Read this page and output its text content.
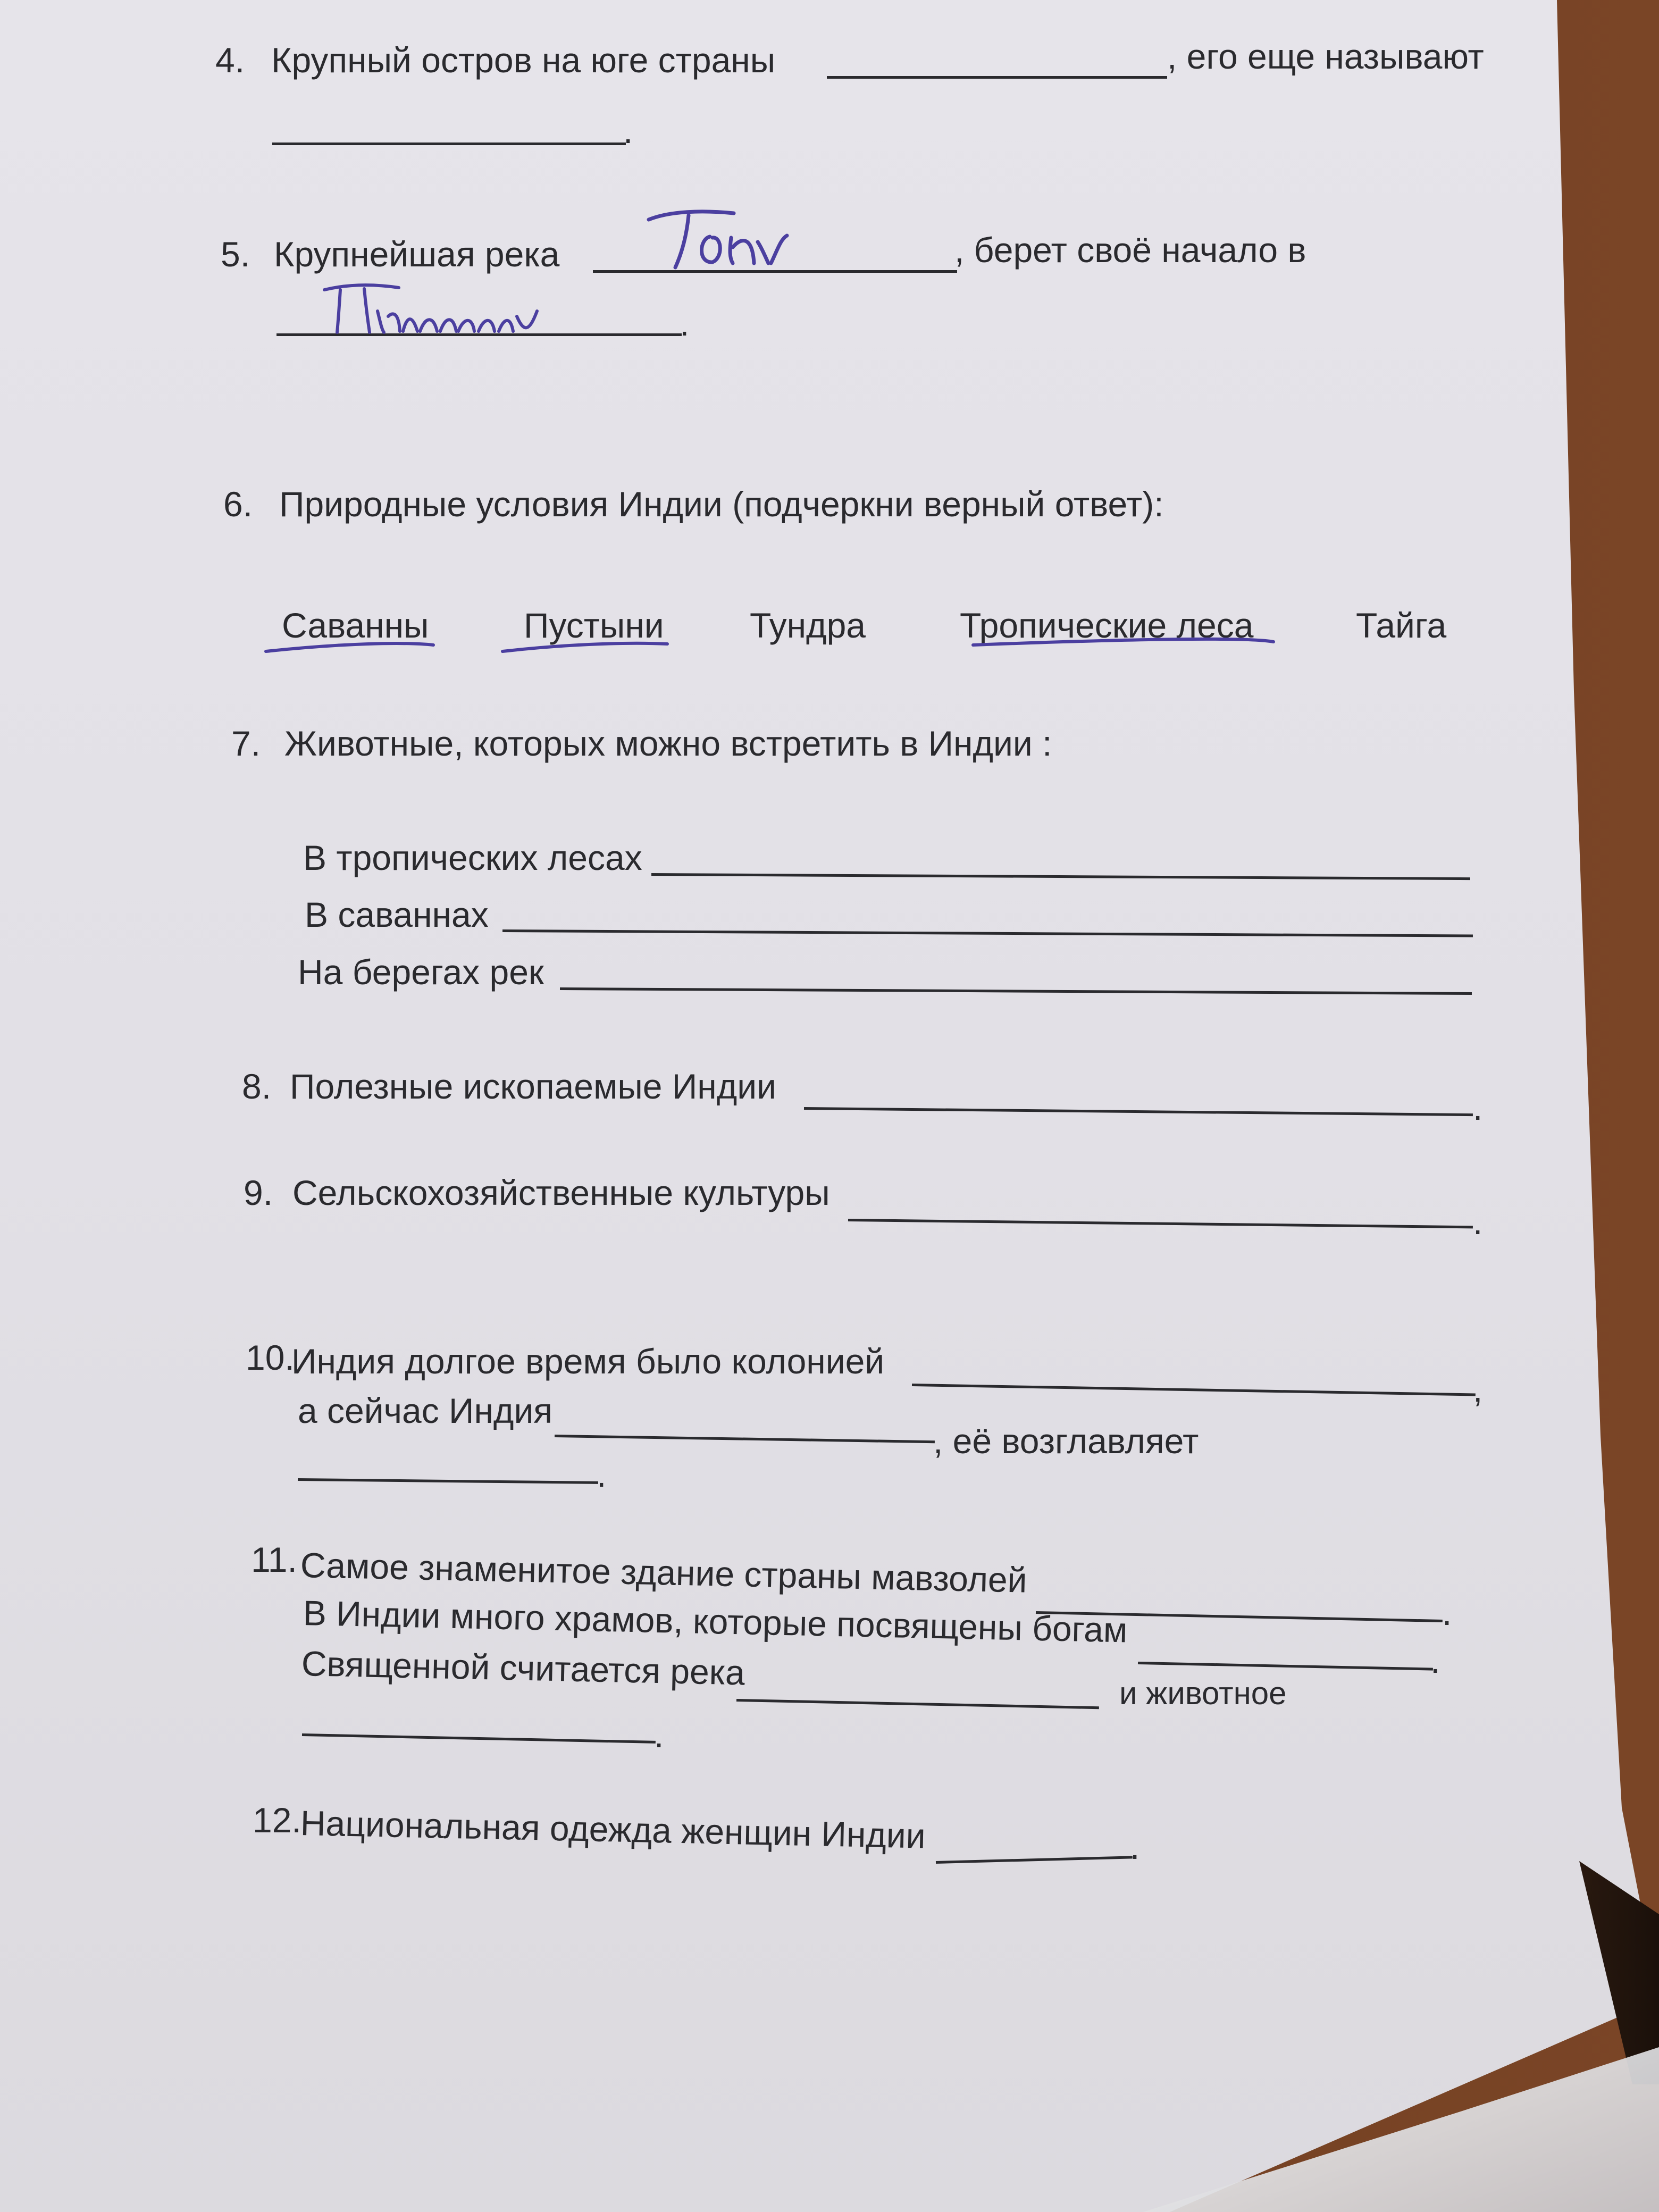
4. Крупный остров на юге страны	, его еще называют
.
5. Крупнейшая река	, берет своё начало в
.
6. Природные условия Индии (подчеркни верный ответ):
Саванны	Пустыни Тундра	Тропические леса	Тайга
7. Животные, которых можно встретить в Индии :
В тропических лесах
В саваннах
На берегах рек
8. Полезные ископаемые Индии
.
9. Сельскохозяйственные культуры
.
10.
Индия долгое время было колонией
,
а сейчас Индия
, её возглавляет
.
11. Самое знаменитое здание страны мавзолей
.
В Индии много храмов, которые посвящены богам
.
Священной считается река
и животное
.
12.
Национальная одежда женщин Индии	.
